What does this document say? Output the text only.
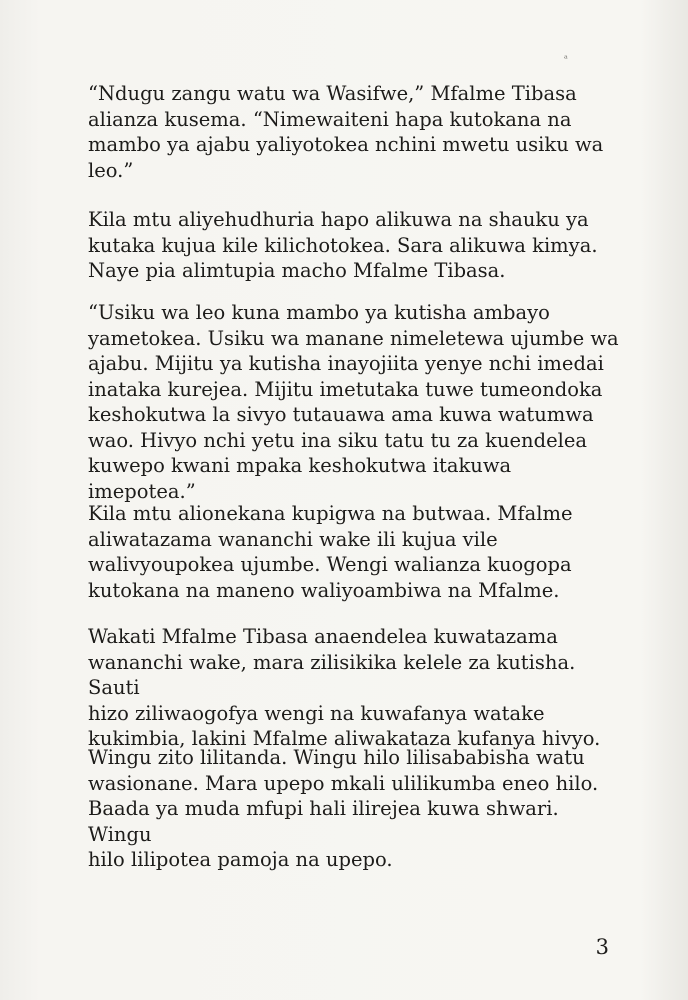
ᵃ

“Ndugu zangu watu wa Wasifwe,” Mfalme Tibasa
alianza kusema. “Nimewaiteni hapa kutokana na
mambo ya ajabu yaliyotokea nchini mwetu usiku wa
leo.”

Kila mtu aliyehudhuria hapo alikuwa na shauku ya
kutaka kujua kile kilichotokea. Sara alikuwa kimya.
Naye pia alimtupia macho Mfalme Tibasa.

“Usiku wa leo kuna mambo ya kutisha ambayo
yametokea. Usiku wa manane nimeletewa ujumbe wa
ajabu. Mijitu ya kutisha inayojiita yenye nchi imedai
inataka kurejea. Mijitu imetutaka tuwe tumeondoka
keshokutwa la sivyo tutauawa ama kuwa watumwa
wao. Hivyo nchi yetu ina siku tatu tu za kuendelea
kuwepo kwani mpaka keshokutwa itakuwa imepotea.”

Kila mtu alionekana kupigwa na butwaa. Mfalme
aliwatazama wananchi wake ili kujua vile
walivyoupokea ujumbe. Wengi walianza kuogopa
kutokana na maneno waliyoambiwa na Mfalme.

Wakati Mfalme Tibasa anaendelea kuwatazama
wananchi wake, mara zilisikika kelele za kutisha. Sauti
hizo ziliwaogofya wengi na kuwafanya watake
kukimbia, lakini Mfalme aliwakataza kufanya hivyo.

Wingu zito lilitanda. Wingu hilo lilisababisha watu
wasionane. Mara upepo mkali ulilikumba eneo hilo.
Baada ya muda mfupi hali ilirejea kuwa shwari. Wingu
hilo lilipotea pamoja na upepo.

3
